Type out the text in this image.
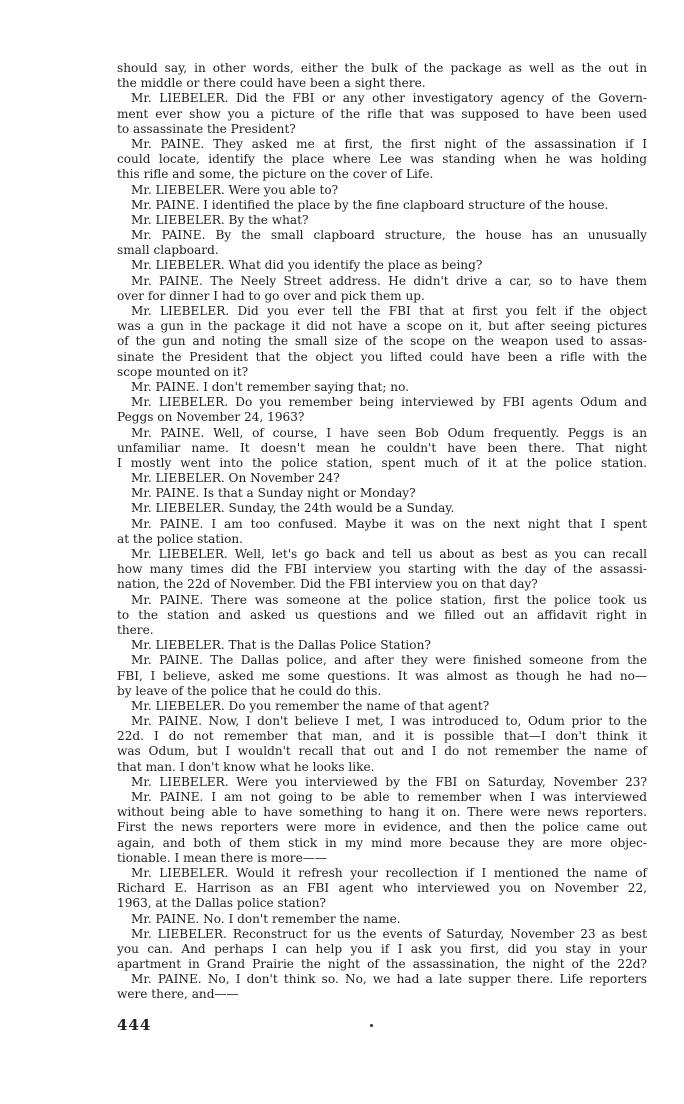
should say, in other words, either the bulk of the package as well as the out in
the middle or there could have been a sight there.
Mr. LIEBELER. Did the FBI or any other investigatory agency of the Govern-
ment ever show you a picture of the rifle that was supposed to have been used
to assassinate the President?
Mr. PAINE. They asked me at first, the first night of the assassination if I
could locate, identify the place where Lee was standing when he was holding
this rifle and some, the picture on the cover of Life.
Mr. LIEBELER. Were you able to?
Mr. PAINE. I identified the place by the fine clapboard structure of the house.
Mr. LIEBELER. By the what?
Mr. PAINE. By the small clapboard structure, the house has an unusually
small clapboard.
Mr. LIEBELER. What did you identify the place as being?
Mr. PAINE. The Neely Street address. He didn't drive a car, so to have them
over for dinner I had to go over and pick them up.
Mr. LIEBELER. Did you ever tell the FBI that at first you felt if the object
was a gun in the package it did not have a scope on it, but after seeing pictures
of the gun and noting the small size of the scope on the weapon used to assas-
sinate the President that the object you lifted could have been a rifle with the
scope mounted on it?
Mr. PAINE. I don't remember saying that; no.
Mr. LIEBELER. Do you remember being interviewed by FBI agents Odum and
Peggs on November 24, 1963?
Mr. PAINE. Well, of course, I have seen Bob Odum frequently. Peggs is an
unfamiliar name. It doesn't mean he couldn't have been there. That night
I mostly went into the police station, spent much of it at the police station.
Mr. LIEBELER. On November 24?
Mr. PAINE. Is that a Sunday night or Monday?
Mr. LIEBELER. Sunday, the 24th would be a Sunday.
Mr. PAINE. I am too confused. Maybe it was on the next night that I spent
at the police station.
Mr. LIEBELER. Well, let's go back and tell us about as best as you can recall
how many times did the FBI interview you starting with the day of the assassi-
nation, the 22d of November. Did the FBI interview you on that day?
Mr. PAINE. There was someone at the police station, first the police took us
to the station and asked us questions and we filled out an affidavit right in
there.
Mr. LIEBELER. That is the Dallas Police Station?
Mr. PAINE. The Dallas police, and after they were finished someone from the
FBI, I believe, asked me some questions. It was almost as though he had no—
by leave of the police that he could do this.
Mr. LIEBELER. Do you remember the name of that agent?
Mr. PAINE. Now, I don't believe I met, I was introduced to, Odum prior to the
22d. I do not remember that man, and it is possible that—I don't think it
was Odum, but I wouldn't recall that out and I do not remember the name of
that man. I don't know what he looks like.
Mr. LIEBELER. Were you interviewed by the FBI on Saturday, November 23?
Mr. PAINE. I am not going to be able to remember when I was interviewed
without being able to have something to hang it on. There were news reporters.
First the news reporters were more in evidence, and then the police came out
again, and both of them stick in my mind more because they are more objec-
tionable. I mean there is more——
Mr. LIEBELER. Would it refresh your recollection if I mentioned the name of
Richard E. Harrison as an FBI agent who interviewed you on November 22,
1963, at the Dallas police station?
Mr. PAINE. No. I don't remember the name.
Mr. LIEBELER. Reconstruct for us the events of Saturday, November 23 as best
you can. And perhaps I can help you if I ask you first, did you stay in your
apartment in Grand Prairie the night of the assassination, the night of the 22d?
Mr. PAINE. No, I don't think so. No, we had a late supper there. Life reporters
were there, and——
444
